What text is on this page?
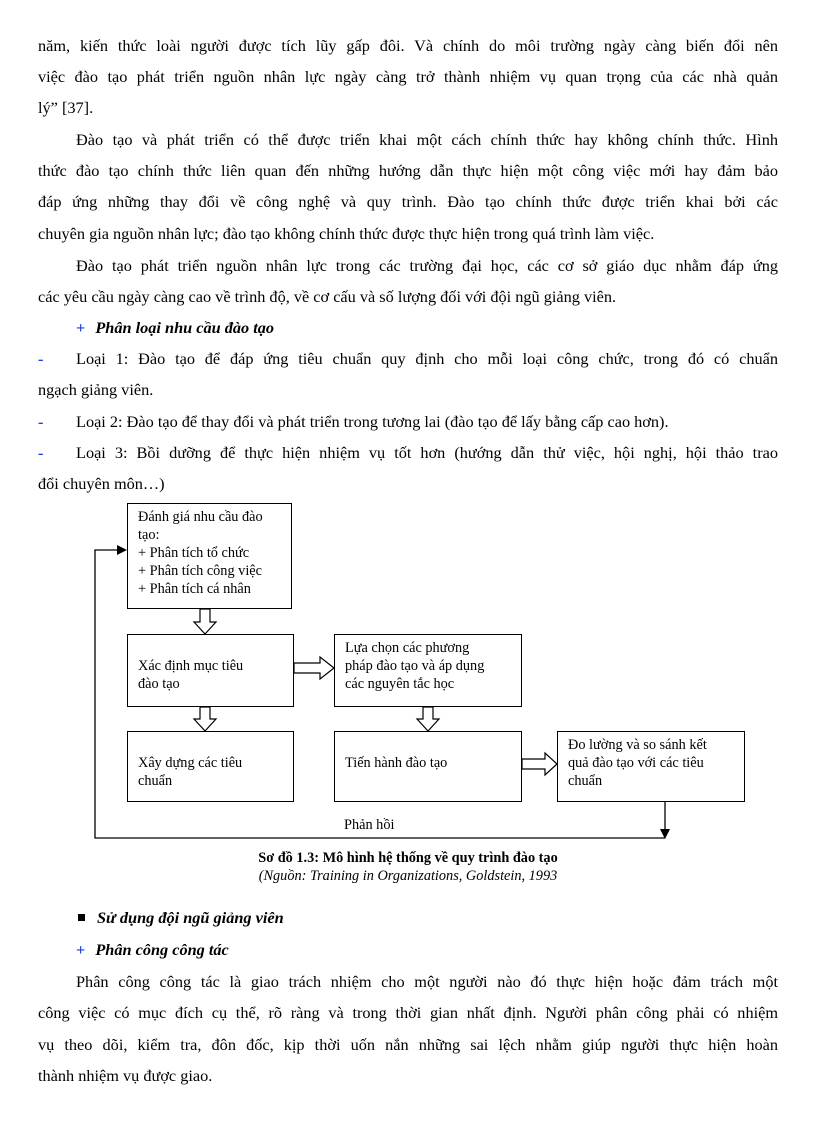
năm, kiến thức loài người được tích lũy gấp đôi. Và chính do môi trường ngày càng biến đổi nên
việc đào tạo phát triển nguồn nhân lực ngày càng trở thành nhiệm vụ quan trọng của các nhà quản
lý” [37].
Đào tạo và phát triển có thể được triển khai một cách chính thức hay không chính thức. Hình
thức đào tạo chính thức liên quan đến những hướng dẫn thực hiện một công việc mới hay đảm bảo
đáp ứng những thay đổi về công nghệ và quy trình. Đào tạo chính thức được triển khai bởi các
chuyên gia nguồn nhân lực; đào tạo không chính thức được thực hiện trong quá trình làm việc.
Đào tạo phát triển nguồn nhân lực trong các trường đại học, các cơ sở giáo dục nhằm đáp ứng
các yêu cầu ngày càng cao về trình độ, về cơ cấu và số lượng đối với đội ngũ giảng viên.
+ Phân loại nhu cầu đào tạo
- Loại 1: Đào tạo để đáp ứng tiêu chuẩn quy định cho mỗi loại công chức, trong đó có chuẩn
ngạch giảng viên.
- Loại 2: Đào tạo để thay đổi và phát triển trong tương lai (đào tạo để lấy bằng cấp cao hơn).
- Loại 3: Bồi dưỡng để thực hiện nhiệm vụ tốt hơn (hướng dẫn thử việc, hội nghị, hội thảo trao
đổi chuyên môn…)
Đánh giá nhu cầu đào
tạo:
+ Phân tích tổ chức
+ Phân tích công việc
+ Phân tích cá nhân
Xác định mục tiêu
đào tạo
Lựa chọn các phương
pháp đào tạo và áp dụng
các nguyên tắc học
Xây dựng các tiêu
chuẩn
Tiến hành đào tạo
Đo lường và so sánh kết
quả đào tạo với các tiêu
chuẩn
Phản hồi
Sơ đồ 1.3: Mô hình hệ thống về quy trình đào tạo
(Nguồn: Training in Organizations, Goldstein, 1993
Sử dụng đội ngũ giảng viên
+ Phân công công tác
Phân công công tác là giao trách nhiệm cho một người nào đó thực hiện hoặc đảm trách một
công việc có mục đích cụ thể, rõ ràng và trong thời gian nhất định. Người phân công phải có nhiệm
vụ theo dõi, kiểm tra, đôn đốc, kịp thời uốn nắn những sai lệch nhằm giúp người thực hiện hoàn
thành nhiệm vụ được giao.
